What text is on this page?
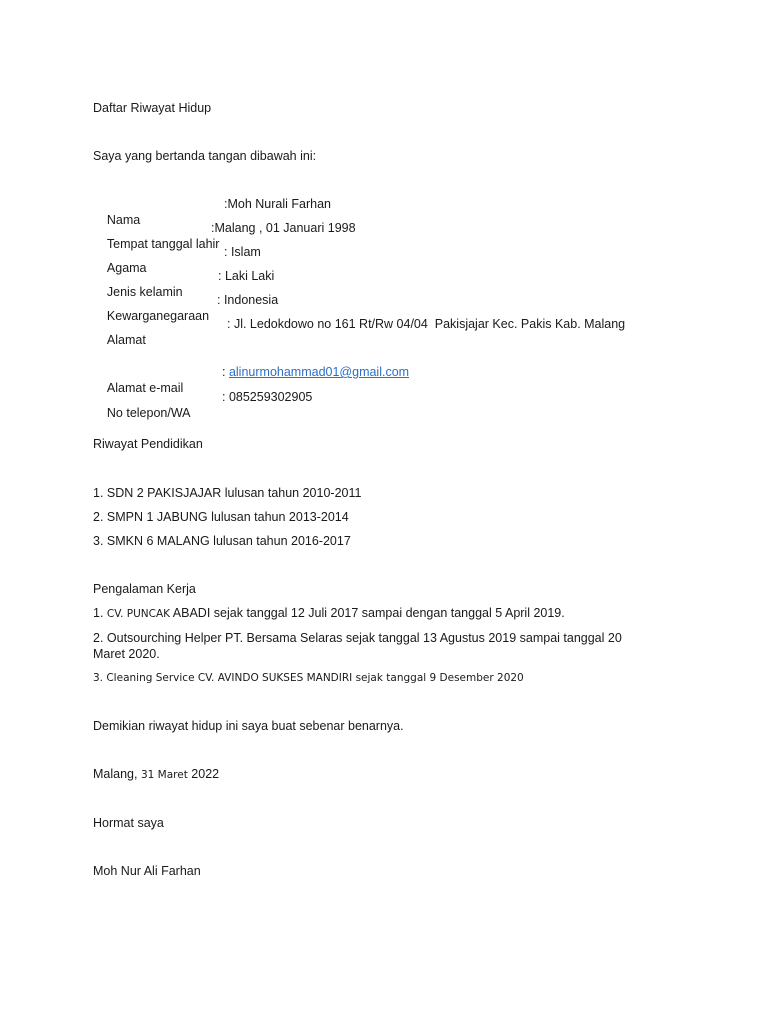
Daftar Riwayat Hidup
Saya yang bertanda tangan dibawah ini:

Nama

:Moh Nurali Farhan

Tempat tanggal lahir

:Malang , 01 Januari 1998

Agama

: Islam

Jenis kelamin

: Laki Laki

Kewarganegaraan

: Indonesia

Alamat

: Jl. Ledokdowo no 161 Rt/Rw 04/04  Pakisjajar Kec. Pakis Kab. Malang

Alamat e-mail

: alinurmohammad01@gmail.com

No telepon/WA

: 085259302905

Riwayat Pendidikan
1. SDN 2 PAKISJAJAR lulusan tahun 2010-2011
2. SMPN 1 JABUNG lulusan tahun 2013-2014
3. SMKN 6 MALANG lulusan tahun 2016-2017
Pengalaman Kerja
1. CV. PUNCAK ABADI sejak tanggal 12 Juli 2017 sampai dengan tanggal 5 April 2019.
2. Outsourching Helper PT. Bersama Selaras sejak tanggal 13 Agustus 2019 sampai tanggal 20 Maret 2020.
3. Cleaning Service CV. AVINDO SUKSES MANDIRI sejak tanggal 9 Desember 2020
Demikian riwayat hidup ini saya buat sebenar benarnya.
Malang, 31 Maret 2022
Hormat saya
Moh Nur Ali Farhan
